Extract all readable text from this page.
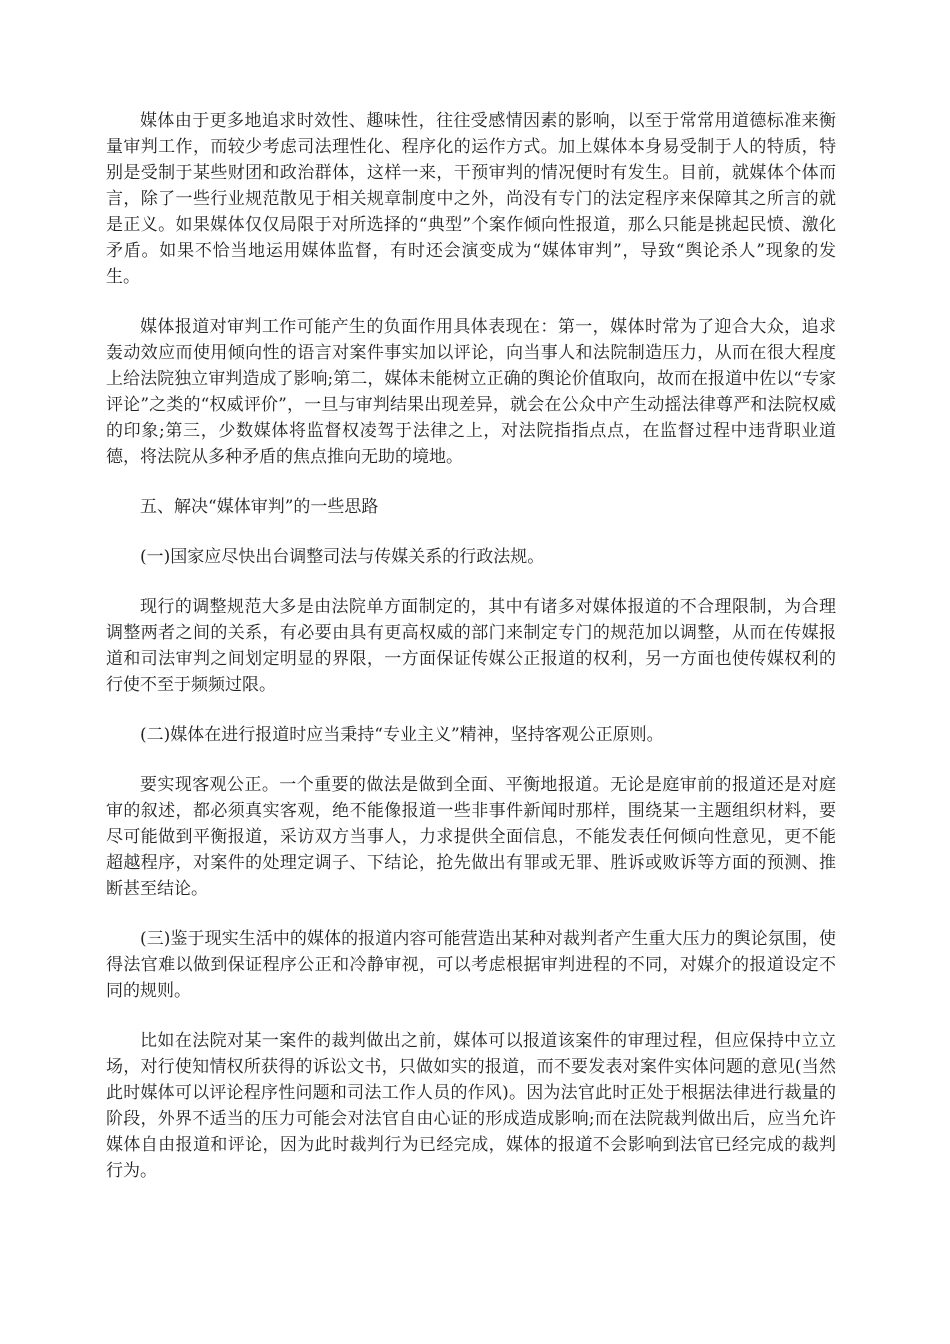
媒体由于更多地追求时效性、趣味性，往往受感情因素的影响，以至于常常用道德标准来衡量审判工作，而较少考虑司法理性化、程序化的运作方式。加上媒体本身易受制于人的特质，特别是受制于某些财团和政治群体，这样一来，干预审判的情况便时有发生。目前，就媒体个体而言，除了一些行业规范散见于相关规章制度中之外，尚没有专门的法定程序来保障其之所言的就是正义。如果媒体仅仅局限于对所选择的“典型”个案作倾向性报道，那么只能是挑起民愤、激化矛盾。如果不恰当地运用媒体监督，有时还会演变成为“媒体审判”，导致“舆论杀人”现象的发生。

媒体报道对审判工作可能产生的负面作用具体表现在：第一，媒体时常为了迎合大众，追求轰动效应而使用倾向性的语言对案件事实加以评论，向当事人和法院制造压力，从而在很大程度上给法院独立审判造成了影响;第二，媒体未能树立正确的舆论价值取向，故而在报道中佐以“专家评论”之类的“权威评价”，一旦与审判结果出现差异，就会在公众中产生动摇法律尊严和法院权威的印象;第三，少数媒体将监督权凌驾于法律之上，对法院指指点点，在监督过程中违背职业道德，将法院从多种矛盾的焦点推向无助的境地。

五、解决“媒体审判”的一些思路

(一)国家应尽快出台调整司法与传媒关系的行政法规。

现行的调整规范大多是由法院单方面制定的，其中有诸多对媒体报道的不合理限制，为合理调整两者之间的关系，有必要由具有更高权威的部门来制定专门的规范加以调整，从而在传媒报道和司法审判之间划定明显的界限，一方面保证传媒公正报道的权利，另一方面也使传媒权利的行使不至于频频过限。

(二)媒体在进行报道时应当秉持“专业主义”精神，坚持客观公正原则。

要实现客观公正。一个重要的做法是做到全面、平衡地报道。无论是庭审前的报道还是对庭审的叙述，都必须真实客观，绝不能像报道一些非事件新闻时那样，围绕某一主题组织材料，要尽可能做到平衡报道，采访双方当事人，力求提供全面信息，不能发表任何倾向性意见，更不能超越程序，对案件的处理定调子、下结论，抢先做出有罪或无罪、胜诉或败诉等方面的预测、推断甚至结论。

(三)鉴于现实生活中的媒体的报道内容可能营造出某种对裁判者产生重大压力的舆论氛围，使得法官难以做到保证程序公正和冷静审视，可以考虑根据审判进程的不同，对媒介的报道设定不同的规则。

比如在法院对某一案件的裁判做出之前，媒体可以报道该案件的审理过程，但应保持中立立场，对行使知情权所获得的诉讼文书，只做如实的报道，而不要发表对案件实体问题的意见(当然此时媒体可以评论程序性问题和司法工作人员的作风)。因为法官此时正处于根据法律进行裁量的阶段，外界不适当的压力可能会对法官自由心证的形成造成影响;而在法院裁判做出后，应当允许媒体自由报道和评论，因为此时裁判行为已经完成，媒体的报道不会影响到法官已经完成的裁判行为。
